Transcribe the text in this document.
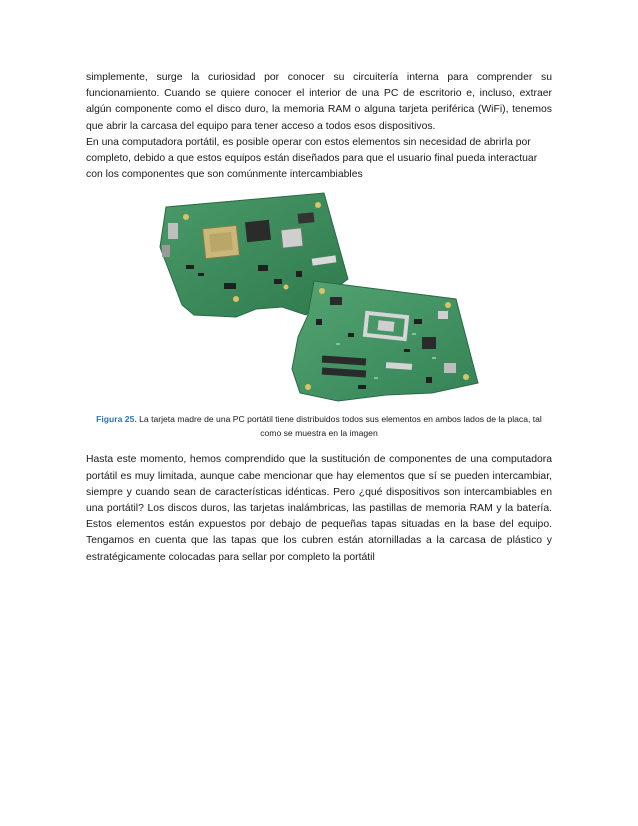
simplemente, surge la curiosidad por conocer su circuitería interna para comprender su funcionamiento. Cuando se quiere conocer el interior de una PC de escritorio e, incluso, extraer algún componente como el disco duro, la memoria RAM o alguna tarjeta periférica (WiFi), tenemos que abrir la carcasa del equipo para tener acceso a todos esos dispositivos.

En una computadora portátil, es posible operar con estos elementos sin necesidad de abrirla por completo, debido a que estos equipos están diseñados para que el usuario final pueda interactuar con los componentes que son comúnmente intercambiables

Figura 25. La tarjeta madre de una PC portátil tiene distribuidos todos sus elementos en ambos lados de la placa, tal como se muestra en la imagen

Hasta este momento, hemos comprendido que la sustitución de componentes de una computadora portátil es muy limitada, aunque cabe mencionar que hay elementos que sí se pueden intercambiar, siempre y cuando sean de características idénticas. Pero ¿qué dispositivos son intercambiables en una portátil? Los discos duros, las tarjetas inalámbricas, las pastillas de memoria RAM y la batería. Estos elementos están expuestos por debajo de pequeñas tapas situadas en la base del equipo. Tengamos en cuenta que las tapas que los cubren están atornilladas a la carcasa de plástico y estratégicamente colocadas para sellar por completo la portátil
